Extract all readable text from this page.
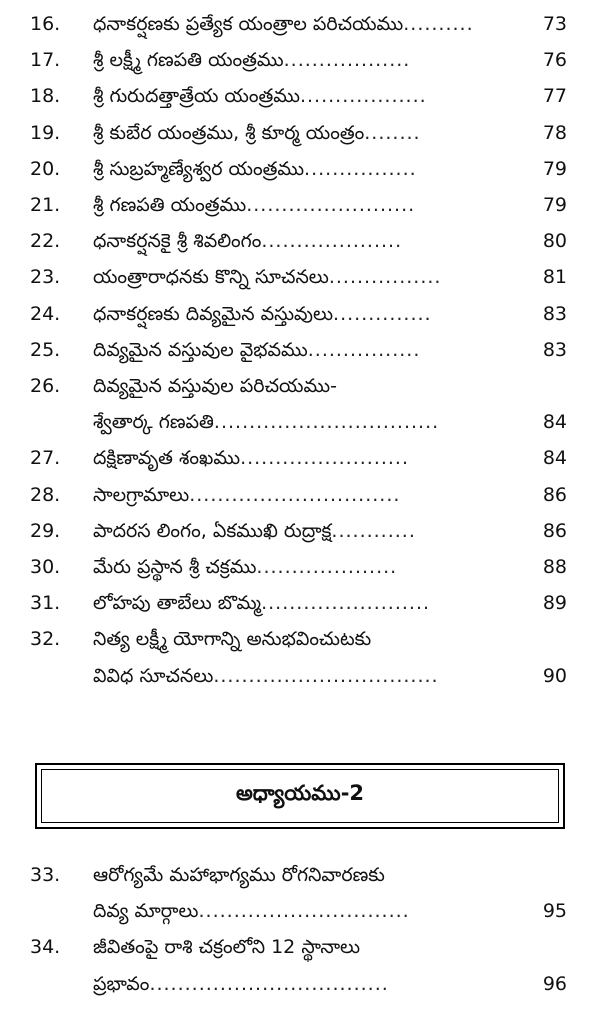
16.	ధనాకర్షణకు ప్రత్యేక యంత్రాల పరిచయము..........	73
17.	శ్రీ లక్ష్మీ గణపతి యంత్రము..................	76
18.	శ్రీ గురుదత్తాత్రేయ యంత్రము..................	77
19.	శ్రీ కుబేర యంత్రము, శ్రీ కూర్మ యంత్రం........	78
20.	శ్రీ సుబ్రహ్మణ్యేశ్వర యంత్రము................	79
21.	శ్రీ గణపతి యంత్రము........................	79
22.	ధనాకర్షనకై శ్రీ శివలింగం....................	80
23.	యంత్రారాధనకు కొన్ని సూచనలు................	81
24.	ధనాకర్షణకు దివ్యమైన వస్తువులు..............	83
25.	దివ్యమైన వస్తువుల వైభవము................	83
26.	దివ్యమైన వస్తువుల పరిచయము-
శ్వేతార్క గణపతి................................	84
27.	దక్షిణావృత శంఖము........................	84
28.	సాలగ్రామాలు..............................	86
29.	పాదరస లింగం, ఏకముఖి రుద్రాక్ష............	86
30.	మేరు ప్రస్థాన శ్రీ చక్రము....................	88
31.	లోహపు తాబేలు బొమ్మ........................	89
32.	నిత్య లక్ష్మీ యోగాన్ని అనుభవించుటకు
వివిధ సూచనలు................................	90
33.	ఆరోగ్యమే మహాభాగ్యము రోగనివారణకు
దివ్య మార్గాలు..............................	95
34.	జీవితంపై రాశి చక్రంలోని 12 స్థానాలు
ప్రభావం..................................	96
అధ్యాయము-2
